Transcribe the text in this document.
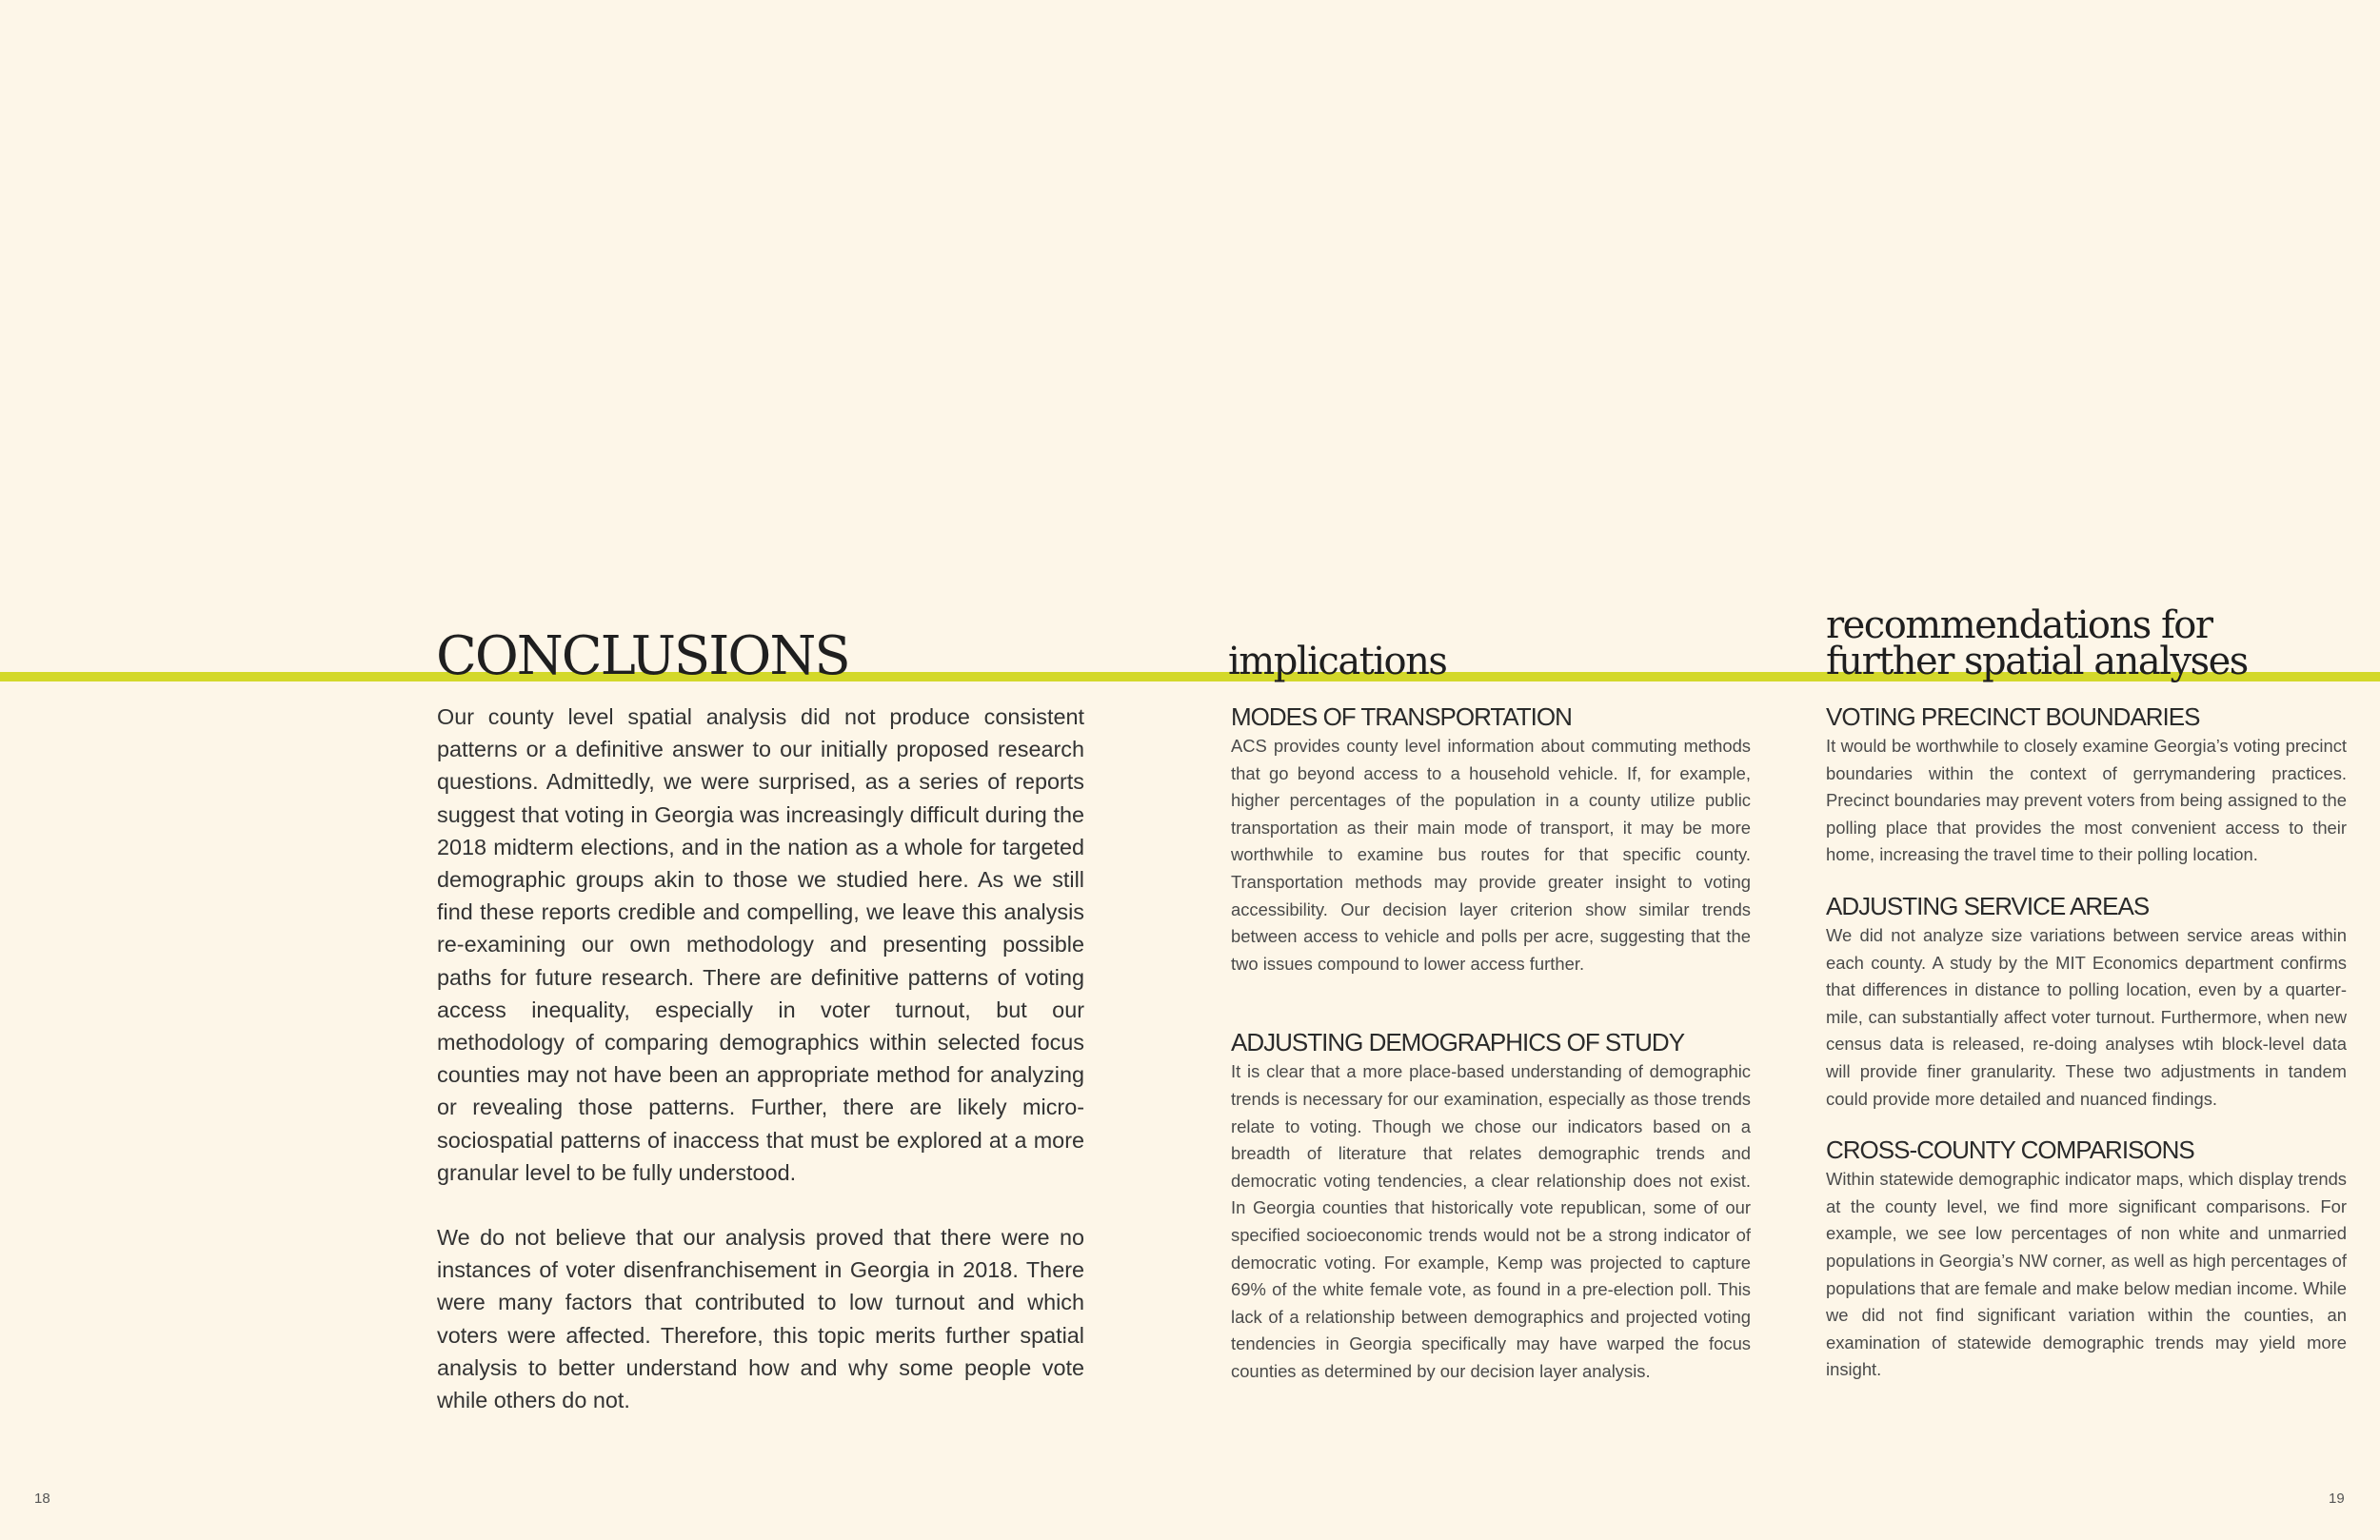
CONCLUSIONS

Our county level spatial analysis did not produce consistent patterns or a definitive answer to our initially proposed research questions. Admittedly, we were surprised, as a series of reports suggest that voting in Georgia was increasingly difficult during the 2018 midterm elections, and in the nation as a whole for targeted demographic groups akin to those we studied here. As we still find these reports credible and compelling, we leave this analysis re-examining our own methodology and presenting possible paths for future research. There are definitive patterns of voting access inequality, especially in voter turnout, but our methodology of comparing demographics within selected focus counties may not have been an appropriate method for analyzing or revealing those patterns. Further, there are likely micro-sociospatial patterns of inaccess that must be explored at a more granular level to be fully understood.

We do not believe that our analysis proved that there were no instances of voter disenfranchisement in Georgia in 2018. There were many factors that contributed to low turnout and which voters were affected. Therefore, this topic merits further spatial analysis to better understand how and why some people vote while others do not.

implications
MODES OF TRANSPORTATION

ACS provides county level information about commuting methods that go beyond access to a household vehicle. If, for example, higher percentages of the population in a county utilize public transportation as their main mode of transport, it may be more worthwhile to examine bus routes for that specific county. Transportation methods may provide greater insight to voting accessibility. Our decision layer criterion show similar trends between access to vehicle and polls per acre, suggesting that the two issues compound to lower access further.

ADJUSTING DEMOGRAPHICS OF STUDY

It is clear that a more place-based understanding of demographic trends is necessary for our examination, especially as those trends relate to voting. Though we chose our indicators based on a breadth of literature that relates demographic trends and democratic voting tendencies, a clear relationship does not exist. In Georgia counties that historically vote republican, some of our specified socioeconomic trends would not be a strong indicator of democratic voting. For example, Kemp was projected to capture 69% of the white female vote, as found in a pre-election poll. This lack of a relationship between demographics and projected voting tendencies in Georgia specifically may have warped the focus counties as determined by our decision layer analysis.

recommendations for
further spatial analyses
VOTING PRECINCT BOUNDARIES

It would be worthwhile to closely examine Georgia’s voting precinct boundaries within the context of gerrymandering practices. Precinct boundaries may prevent voters from being assigned to the polling place that provides the most convenient access to their home, increasing the travel time to their polling location.

ADJUSTING SERVICE AREAS

We did not analyze size variations between service areas within each county. A study by the MIT Economics department confirms that differences in distance to polling location, even by a quarter-mile, can substantially affect voter turnout. Furthermore, when new census data is released, re-doing analyses wtih block-level data will provide finer granularity. These two adjustments in tandem could provide more detailed and nuanced findings.

CROSS-COUNTY COMPARISONS

Within statewide demographic indicator maps, which display trends at the county level, we find more significant comparisons. For example, we see low percentages of non white and unmarried populations in Georgia’s NW corner, as well as high percentages of populations that are female and make below median income. While we did not find significant variation within the counties, an examination of statewide demographic trends may yield more insight.

18	19
